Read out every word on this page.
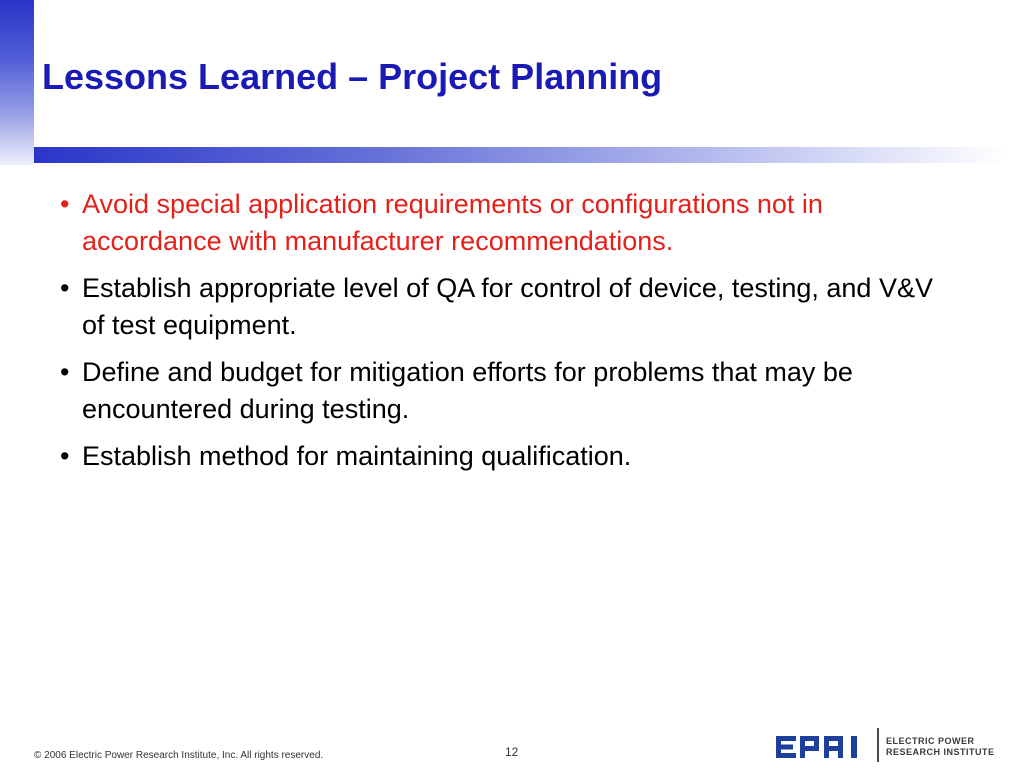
Lessons Learned – Project Planning
• Avoid special application requirements or configurations not in accordance with manufacturer recommendations.
• Establish appropriate level of QA for control of device, testing, and V&V of test equipment.
• Define and budget for mitigation efforts for problems that may be encountered during testing.
• Establish method for maintaining qualification.
© 2006 Electric Power Research Institute, Inc. All rights reserved.	12
ELECTRIC POWER
RESEARCH INSTITUTE
